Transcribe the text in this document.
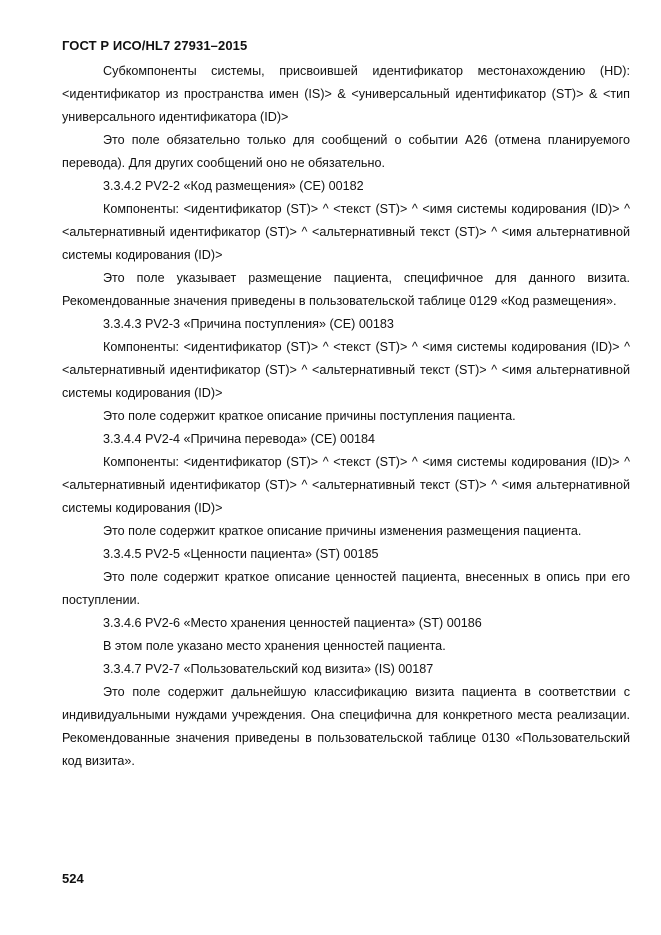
ГОСТ Р ИСО/HL7 27931–2015

Субкомпоненты системы, присвоившей идентификатор местонахождению (HD): <идентификатор из пространства имен (IS)> & <универсальный идентификатор (ST)> & <тип универсального идентификатора (ID)>

Это поле обязательно только для сообщений о событии A26 (отмена планируемого перевода). Для других сообщений оно не обязательно.

3.3.4.2 PV2-2 «Код размещения» (CE) 00182

Компоненты: <идентификатор (ST)> ^ <текст (ST)> ^ <имя системы кодирования (ID)> ^ <альтернативный идентификатор (ST)> ^ <альтернативный текст (ST)> ^ <имя альтернативной системы кодирования (ID)>

Это поле указывает размещение пациента, специфичное для данного визита. Рекомендованные значения приведены в пользовательской таблице 0129 «Код размещения».

3.3.4.3 PV2-3 «Причина поступления» (CE) 00183

Компоненты: <идентификатор (ST)> ^ <текст (ST)> ^ <имя системы кодирования (ID)> ^ <альтернативный идентификатор (ST)> ^ <альтернативный текст (ST)> ^ <имя альтернативной системы кодирования (ID)>

Это поле содержит краткое описание причины поступления пациента.

3.3.4.4 PV2-4 «Причина перевода» (CE) 00184

Компоненты: <идентификатор (ST)> ^ <текст (ST)> ^ <имя системы кодирования (ID)> ^ <альтернативный идентификатор (ST)> ^ <альтернативный текст (ST)> ^ <имя альтернативной системы кодирования (ID)>

Это поле содержит краткое описание причины изменения размещения пациента.

3.3.4.5 PV2-5 «Ценности пациента» (ST) 00185

Это поле содержит краткое описание ценностей пациента, внесенных в опись при его поступлении.

3.3.4.6 PV2-6 «Место хранения ценностей пациента» (ST) 00186

В этом поле указано место хранения ценностей пациента.

3.3.4.7 PV2-7 «Пользовательский код визита» (IS) 00187

Это поле содержит дальнейшую классификацию визита пациента в соответствии с индивидуальными нуждами учреждения. Она специфична для конкретного места реализации. Рекомендованные значения приведены в пользовательской таблице 0130 «Пользовательский код визита».

524
